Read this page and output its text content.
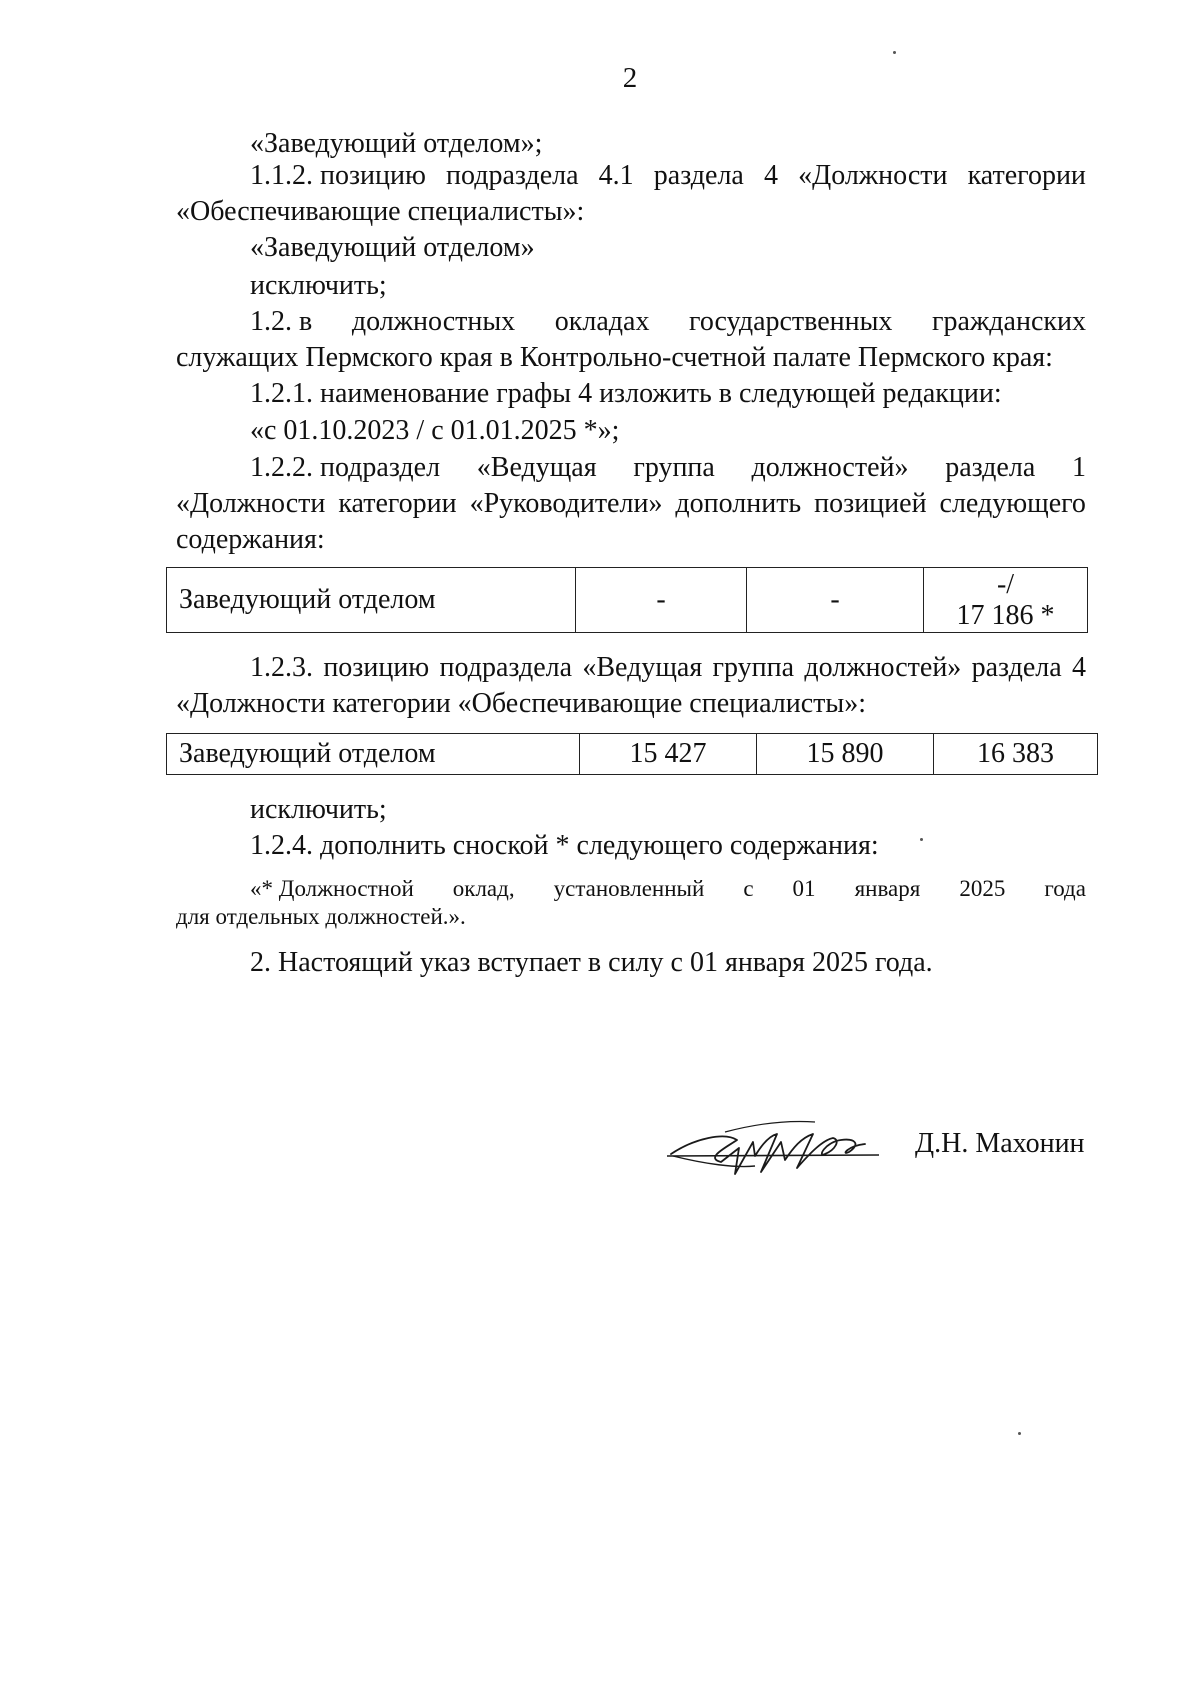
2
«Заведующий отделом»;
1.1.2. позицию подраздела 4.1 раздела 4 «Должности категории
«Обеспечивающие специалисты»:
«Заведующий отделом»
исключить;
1.2. в должностных окладах государственных гражданских
служащих Пермского края в Контрольно-счетной палате Пермского края:
1.2.1. наименование графы 4 изложить в следующей редакции:
«с 01.10.2023 / с 01.01.2025 *»;
1.2.2. подраздел «Ведущая группа должностей» раздела 1
«Должности категории «Руководители» дополнить позицией следующего
содержания:
Заведующий отделом	-	-	-/
17 186 *
1.2.3. позицию подраздела «Ведущая группа должностей» раздела 4
«Должности категории «Обеспечивающие специалисты»:
Заведующий отделом	15 427	15 890	16 383
исключить;
1.2.4. дополнить сноской * следующего содержания:
«* Должностной оклад, установленный с 01 января 2025 года
для отдельных должностей.».
2. Настоящий указ вступает в силу с 01 января 2025 года.
Д.Н. Махонин
